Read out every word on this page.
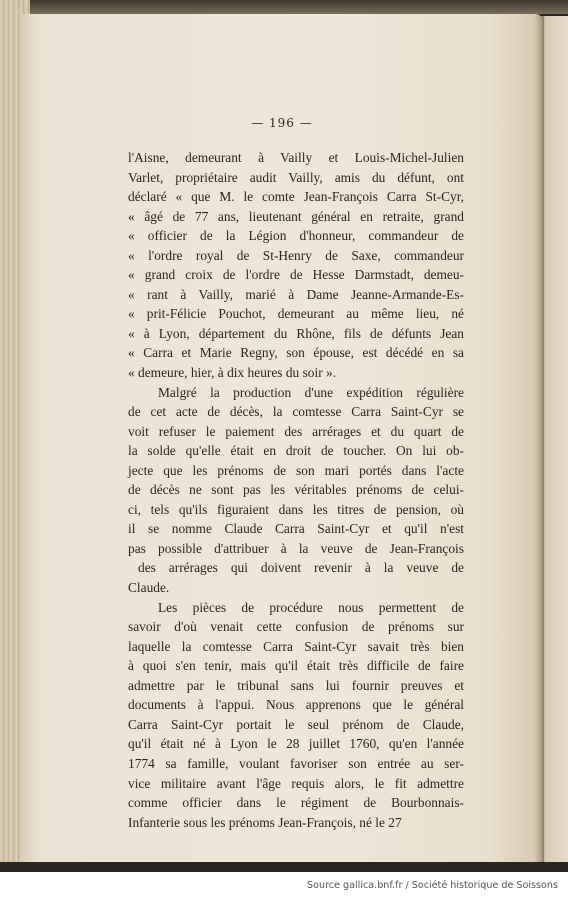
— 196 —
l'Aisne, demeurant à Vailly et Louis-Michel-Julien
Varlet, propriétaire audit Vailly, amis du défunt, ont
déclaré « que M. le comte Jean-François Carra St-Cyr,
« âgé de 77 ans, lieutenant général en retraite, grand
« officier de la Légion d'honneur, commandeur de
« l'ordre royal de St-Henry de Saxe, commandeur
« grand croix de l'ordre de Hesse Darmstadt, demeu-
« rant à Vailly, marié à Dame Jeanne-Armande-Es-
« prit-Félicie Pouchot, demeurant au même lieu, né
« à Lyon, département du Rhône, fils de défunts Jean
« Carra et Marie Regny, son épouse, est décédé en sa
« demeure, hier, à dix heures du soir ».
Malgré la production d'une expédition régulière
de cet acte de décès, la comtesse Carra Saint-Cyr se
voit refuser le paiement des arrérages et du quart de
la solde qu'elle était en droit de toucher. On lui ob-
jecte que les prénoms de son mari portés dans l'acte
de décès ne sont pas les véritables prénoms de celui-
ci, tels qu'ils figuraient dans les titres de pension, où
il se nomme Claude Carra Saint-Cyr et qu'il n'est
pas possible d'attribuer à la veuve de Jean-François
des arrérages qui doivent revenir à la veuve de
Claude.
Les pièces de procédure nous permettent de
savoir d'où venait cette confusion de prénoms sur
laquelle la comtesse Carra Saint-Cyr savait très bien
à quoi s'en tenir, mais qu'il était très difficile de faire
admettre par le tribunal sans lui fournir preuves et
documents à l'appui. Nous apprenons que le général
Carra Saint-Cyr portait le seul prénom de Claude,
qu'il était né à Lyon le 28 juillet 1760, qu'en l'année
1774 sa famille, voulant favoriser son entrée au ser-
vice militaire avant l'âge requis alors, le fit admettre
comme officier dans le régiment de Bourbonnais-
Infanterie sous les prénoms Jean-François, né le 27
Source gallica.bnf.fr / Société historique de Soissons
